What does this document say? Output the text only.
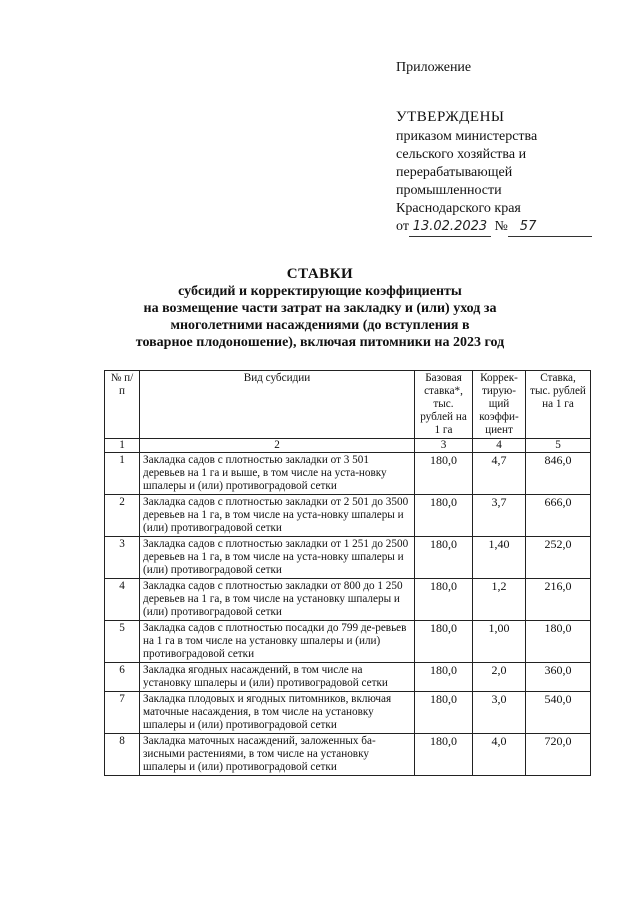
Приложение
УТВЕРЖДЕНЫ
приказом министерства
сельского хозяйства и
перерабатывающей
промышленности
Краснодарского края
от 13.02.2023 № 57
СТАВКИ
субсидий и корректирующие коэффициенты
на возмещение части затрат на закладку и (или) уход за
многолетними насаждениями (до вступления в
товарное плодоношение), включая питомники на 2023 год
№ п/п	Вид субсидии	Базовая ставка*, тыс. рублей на 1 га	Коррек-тирую-щий коэффи-циент	Ставка, тыс. рублей на 1 га
1	2	3	4	5
1	Закладка садов с плотностью закладки от 3 501 деревьев на 1 га и выше, в том числе на уста-новку шпалеры и (или) противоградовой сетки	180,0	4,7	846,0
2	Закладка садов с плотностью закладки от 2 501 до 3500 деревьев на 1 га, в том числе на уста-новку шпалеры и (или) противоградовой сетки	180,0	3,7	666,0
3	Закладка садов с плотностью закладки от 1 251 до 2500 деревьев на 1 га, в том числе на уста-новку шпалеры и (или) противоградовой сетки	180,0	1,40	252,0
4	Закладка садов с плотностью закладки от 800 до 1 250 деревьев на 1 га, в том числе на установку шпалеры и (или) противоградовой сетки	180,0	1,2	216,0
5	Закладка садов с плотностью посадки до 799 де-ревьев на 1 га в том числе на установку шпалеры и (или) противоградовой сетки	180,0	1,00	180,0
6	Закладка ягодных насаждений, в том числе на установку шпалеры и (или) противоградовой сетки	180,0	2,0	360,0
7	Закладка плодовых и ягодных питомников, включая маточные насаждения, в том числе на установку шпалеры и (или) противоградовой сетки	180,0	3,0	540,0
8	Закладка маточных насаждений, заложенных ба-зисными растениями, в том числе на установку шпалеры и (или) противоградовой сетки	180,0	4,0	720,0
